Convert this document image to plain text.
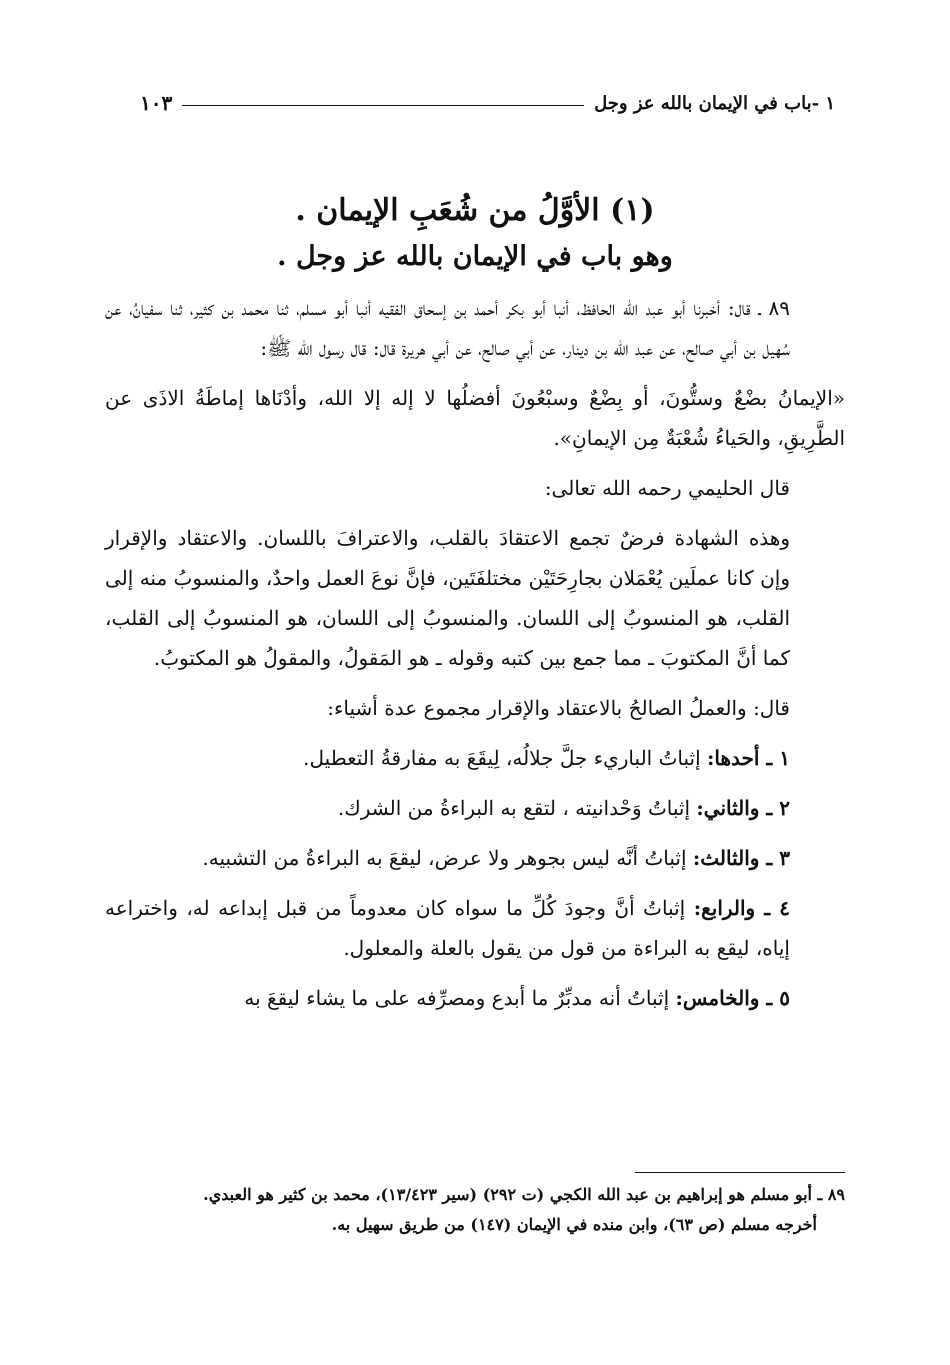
١ -باب في الإيمان بالله عز وجل
١٠٣

(١) الأوَّلُ من شُعَبِ الإيمان .

وهو باب في الإيمان بالله عز وجل .

٨٩ ـ قال: أخبرنا أبو عبد الله الحافظ، أنبا أبو بكر أحمد بن إسحاق الفقيه أنبا أبو مسلم، ثنا محمد بن كثير، ثنا سفيانُ، عن سُهيل بن أبي صالح، عن عبد الله بن دينار، عن أبي صالح، عن أبي هريرة قال: قال رسول الله ﷺ:

«الإيمانُ بضْعٌ وستُّونَ، أو بِضْعٌ وسبْعُونَ أفضلُها لا إله إلا الله، وأدْنَاها إماطَةُ الاذَى عن الطَّرِيقِ، والحَياءُ شُعْبَةٌ مِن الإيمانِ».

قال الحليمي رحمه الله تعالى:

وهذه الشهادة فرضٌ تجمع الاعتقادَ بالقلب، والاعترافَ باللسان. والاعتقاد والإقرار وإن كانا عملَين يُعْمَلان بجارِحَتَيْن مختلفَتَين، فإنَّ نوعَ العمل واحدٌ، والمنسوبُ منه إلى القلب، هو المنسوبُ إلى اللسان. والمنسوبُ إلى اللسان، هو المنسوبُ إلى القلب، كما أنَّ المكتوبَ ـ مما جمع بين كتبه وقوله ـ هو المَقولُ، والمقولُ هو المكتوبُ.

قال: والعملُ الصالحُ بالاعتقاد والإقرار مجموع عدة أشياء:

١ ـ أحدها: إثباتُ الباريء جلَّ جلالُه، لِيقَعَ به مفارقةُ التعطيل.

٢ ـ والثاني: إثباتُ وَحْدانيته ، لتقع به البراءةُ من الشرك.

٣ ـ والثالث: إثباتُ أنَّه ليس بجوهر ولا عرض، ليقعَ به البراءةُ من التشبيه.

٤ ـ والرابع: إثباتُ أنَّ وجودَ كُلِّ ما سواه كان معدوماً من قبل إبداعه له، واختراعه إياه، ليقع به البراءة من قول من يقول بالعلة والمعلول.

٥ ـ والخامس: إثباتُ أنه مدبِّرٌ ما أبدع ومصرِّفه على ما يشاء ليقعَ به

٨٩ ـ أبو مسلم هو إبراهيم بن عبد الله الكجي (ت ٢٩٢) (سير ١٣/٤٢٣)، محمد بن كثير هو العبدي.

أخرجه مسلم (ص ٦٣)، وابن منده في الإيمان (١٤٧) من طريق سهيل به.
